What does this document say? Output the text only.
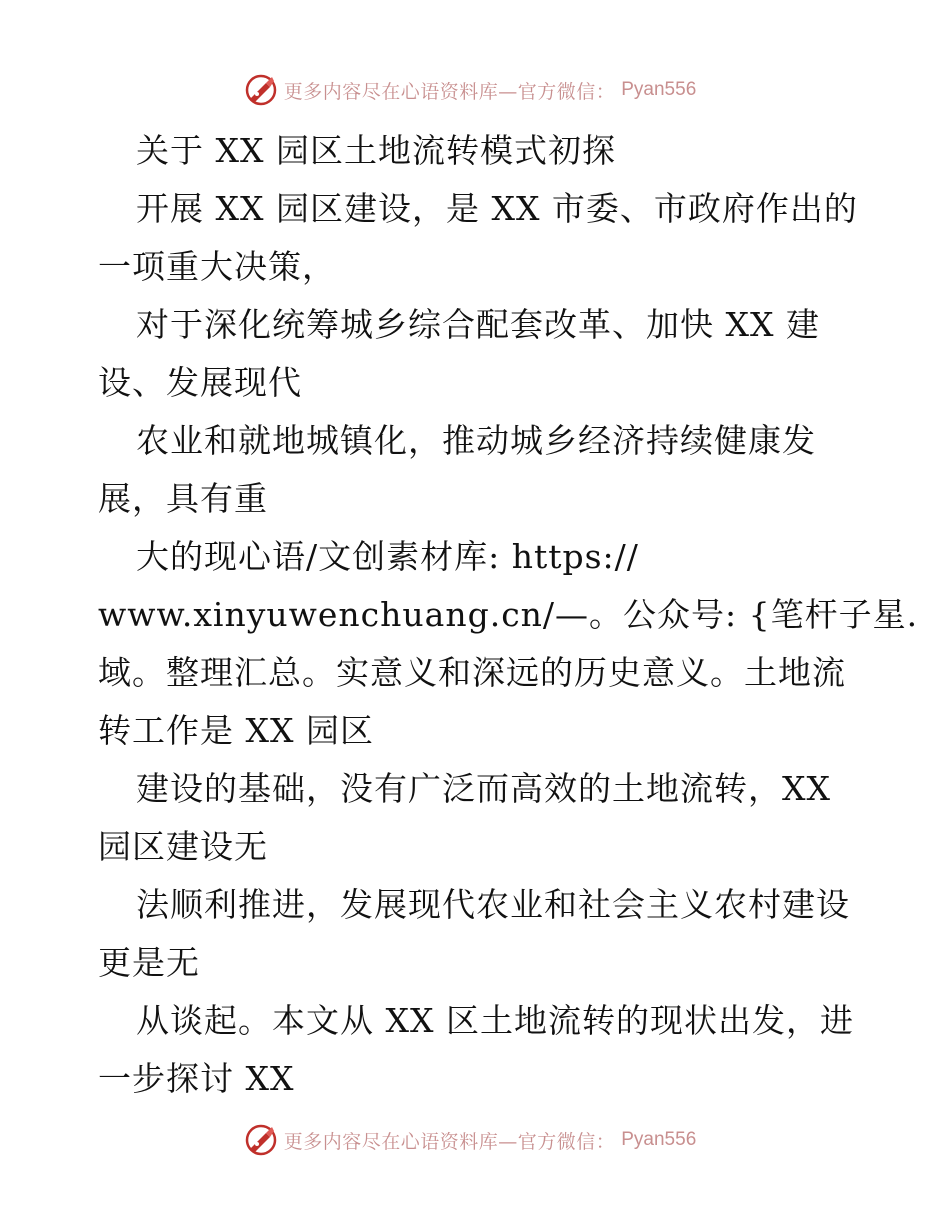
更多内容尽在心语资料库—官方微信： Pyan556
关于 XX 园区土地流转模式初探
开展 XX 园区建设，是 XX 市委、市政府作出的
一项重大决策，
对于深化统筹城乡综合配套改革、加快 XX 建
设、发展现代
农业和就地城镇化，推动城乡经济持续健康发
展，具有重
大的现心语/文创素材库: https://
www.xinyuwenchuang.cn/—。公众号: {笔杆子星.
域。整理汇总。实意义和深远的历史意义。土地流
转工作是 XX 园区
建设的基础，没有广泛而高效的土地流转，XX
园区建设无
法顺利推进，发展现代农业和社会主义农村建设
更是无
从谈起。本文从 XX 区土地流转的现状出发，进
一步探讨 XX
更多内容尽在心语资料库—官方微信： Pyan556
